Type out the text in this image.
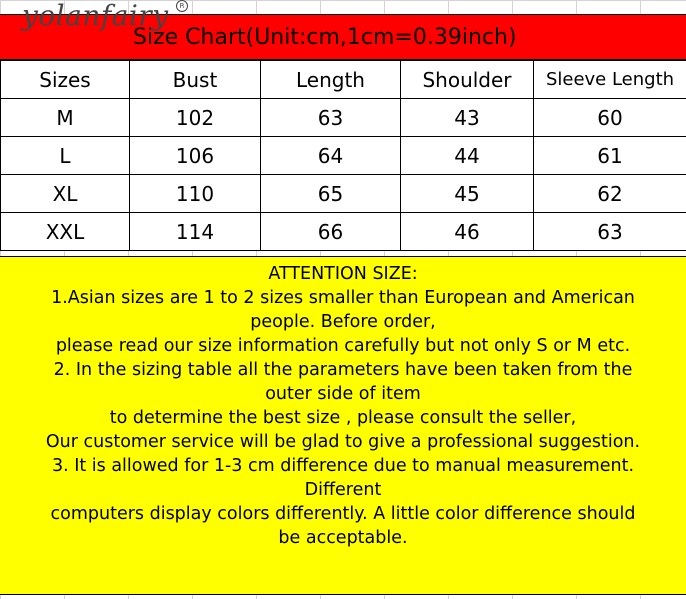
Size Chart(Unit:cm,1cm=0.39inch)
yolanfairy	R
Sizes	Bust	Length	Shoulder	Sleeve Length
M	102	63	43	60
L	106	64	44	61
XL	110	65	45	62
XXL	114	66	46	63
ATTENTION SIZE:
1.Asian sizes are 1 to 2 sizes smaller than European and American
people. Before order,
please read our size information carefully but not only S or M etc.
2. In the sizing table all the parameters have been taken from the
outer side of item
to determine the best size , please consult the seller,
Our customer service will be glad to give a professional suggestion.
3. It is allowed for 1-3 cm difference due to manual measurement.
Different
computers display colors differently. A little color difference should
be acceptable.
